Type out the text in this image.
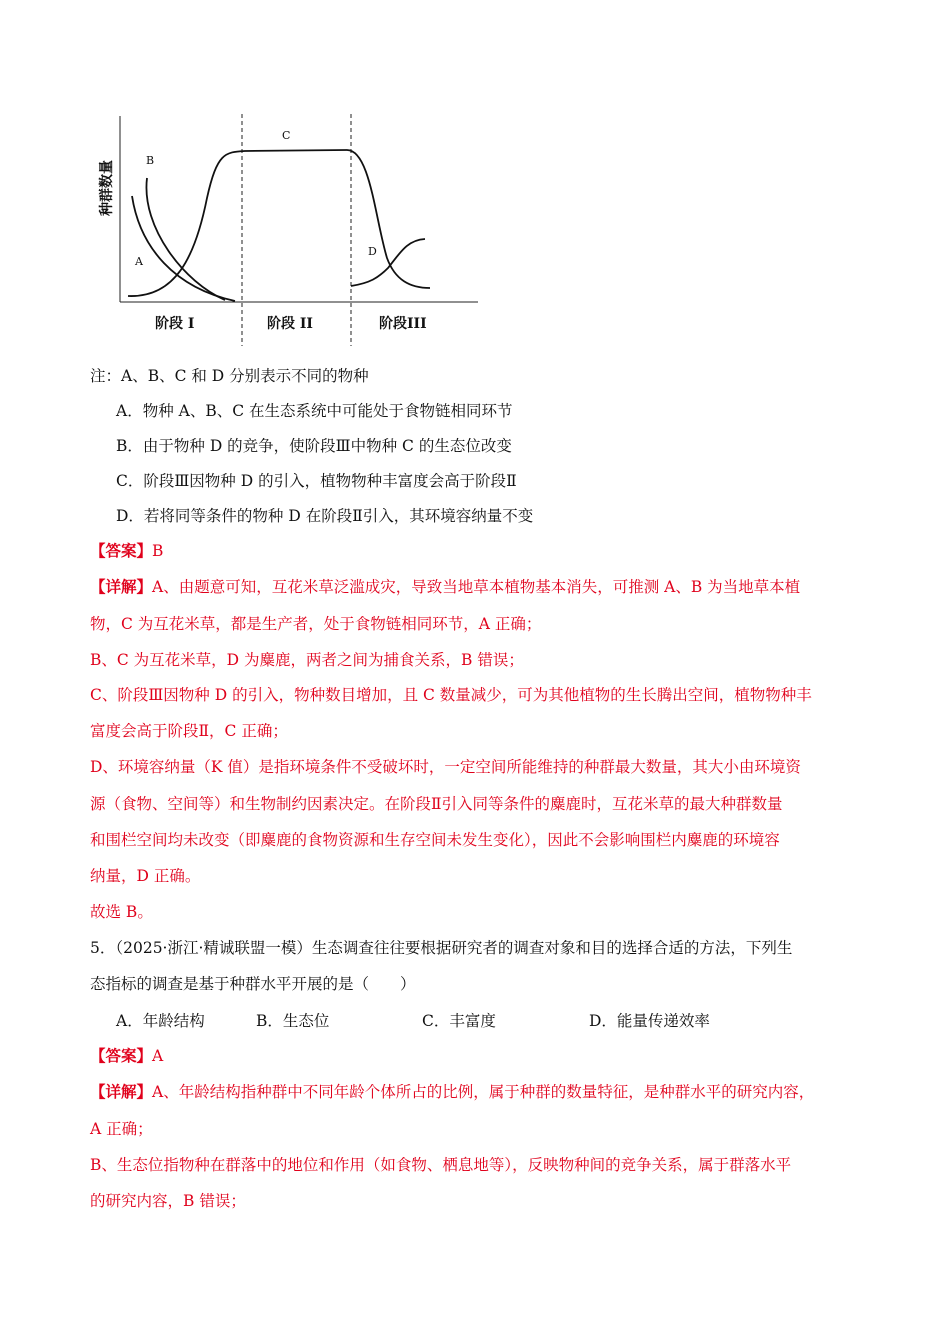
种群数量
A
B
C
D
阶段 I	阶段 II	阶段III
注：A、B、C 和 D 分别表示不同的物种
A．物种 A、B、C 在生态系统中可能处于食物链相同环节
B．由于物种 D 的竞争，使阶段Ⅲ中物种 C 的生态位改变
C．阶段Ⅲ因物种 D 的引入，植物物种丰富度会高于阶段Ⅱ
D．若将同等条件的物种 D 在阶段Ⅱ引入，其环境容纳量不变
【答案】B
【详解】A、由题意可知，互花米草泛滥成灾，导致当地草本植物基本消失，可推测 A、B 为当地草本植
物，C 为互花米草，都是生产者，处于食物链相同环节，A 正确；
B、C 为互花米草，D 为麋鹿，两者之间为捕食关系，B 错误；
C、阶段Ⅲ因物种 D 的引入，物种数目增加，且 C 数量减少，可为其他植物的生长腾出空间，植物物种丰
富度会高于阶段Ⅱ，C 正确；
D、环境容纳量（K 值）是指环境条件不受破坏时，一定空间所能维持的种群最大数量，其大小由环境资
源（食物、空间等）和生物制约因素决定。在阶段Ⅱ引入同等条件的麋鹿时，互花米草的最大种群数量
和围栏空间均未改变（即麋鹿的食物资源和生存空间未发生变化），因此不会影响围栏内麋鹿的环境容
纳量，D 正确。
故选 B。
5．（2025·浙江·精诚联盟一模）生态调查往往要根据研究者的调查对象和目的选择合适的方法，下列生
态指标的调查是基于种群水平开展的是（　　）
A．年龄结构	B．生态位	C．丰富度	D．能量传递效率
【答案】A
【详解】A、年龄结构指种群中不同年龄个体所占的比例，属于种群的数量特征，是种群水平的研究内容，
A 正确；
B、生态位指物种在群落中的地位和作用（如食物、栖息地等），反映物种间的竞争关系，属于群落水平
的研究内容，B 错误；
